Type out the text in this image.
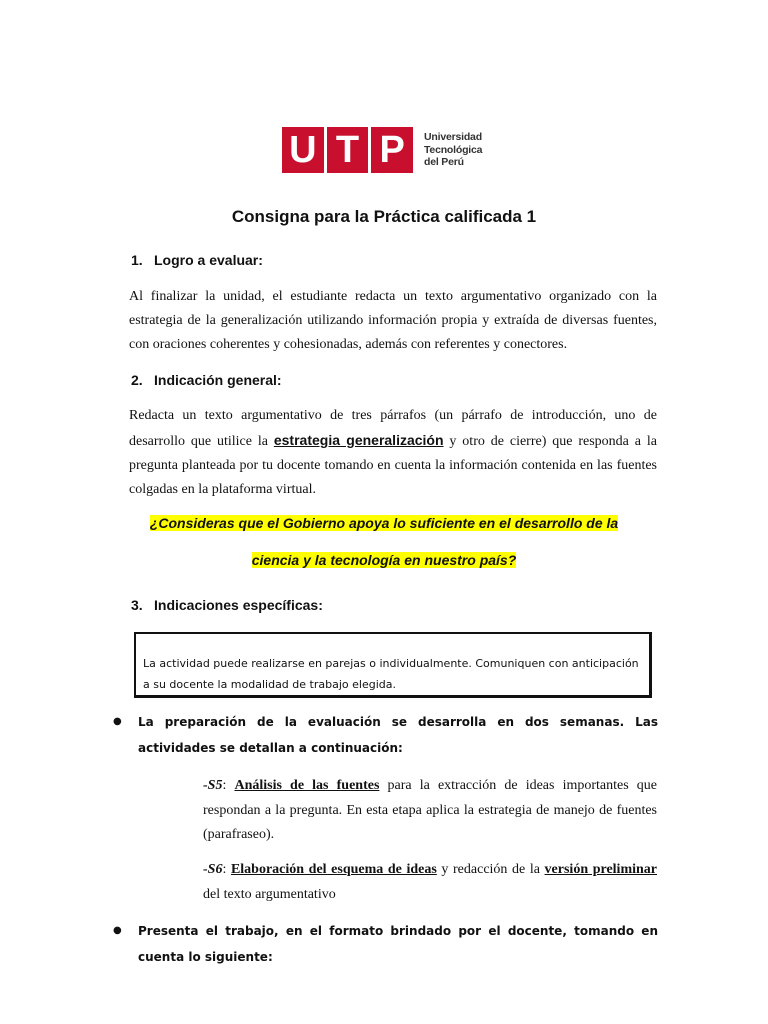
U T P	Universidad
Tecnológica
del Perú
Consigna para la Práctica calificada 1
1. Logro a evaluar:
Al finalizar la unidad, el estudiante redacta un texto argumentativo organizado con la estrategia de la generalización utilizando información propia y extraída de diversas fuentes, con oraciones coherentes y cohesionadas, además con referentes y conectores.
2. Indicación general:
Redacta un texto argumentativo de tres párrafos (un párrafo de introducción, uno de desarrollo que utilice la estrategia generalización y otro de cierre) que responda a la pregunta planteada por tu docente tomando en cuenta la información contenida en las fuentes colgadas en la plataforma virtual.
¿Consideras que el Gobierno apoya lo suficiente en el desarrollo de la
ciencia y la tecnología en nuestro país?
3. Indicaciones específicas:
La actividad puede realizarse en parejas o individualmente. Comuniquen con anticipación a su docente la modalidad de trabajo elegida.
● La preparación de la evaluación se desarrolla en dos semanas. Las actividades se detallan a continuación:
-S5: Análisis de las fuentes para la extracción de ideas importantes que respondan a la pregunta. En esta etapa aplica la estrategia de manejo de fuentes (parafraseo).
-S6: Elaboración del esquema de ideas y redacción de la versión preliminar del texto argumentativo
● Presenta el trabajo, en el formato brindado por el docente, tomando en cuenta lo siguiente:
